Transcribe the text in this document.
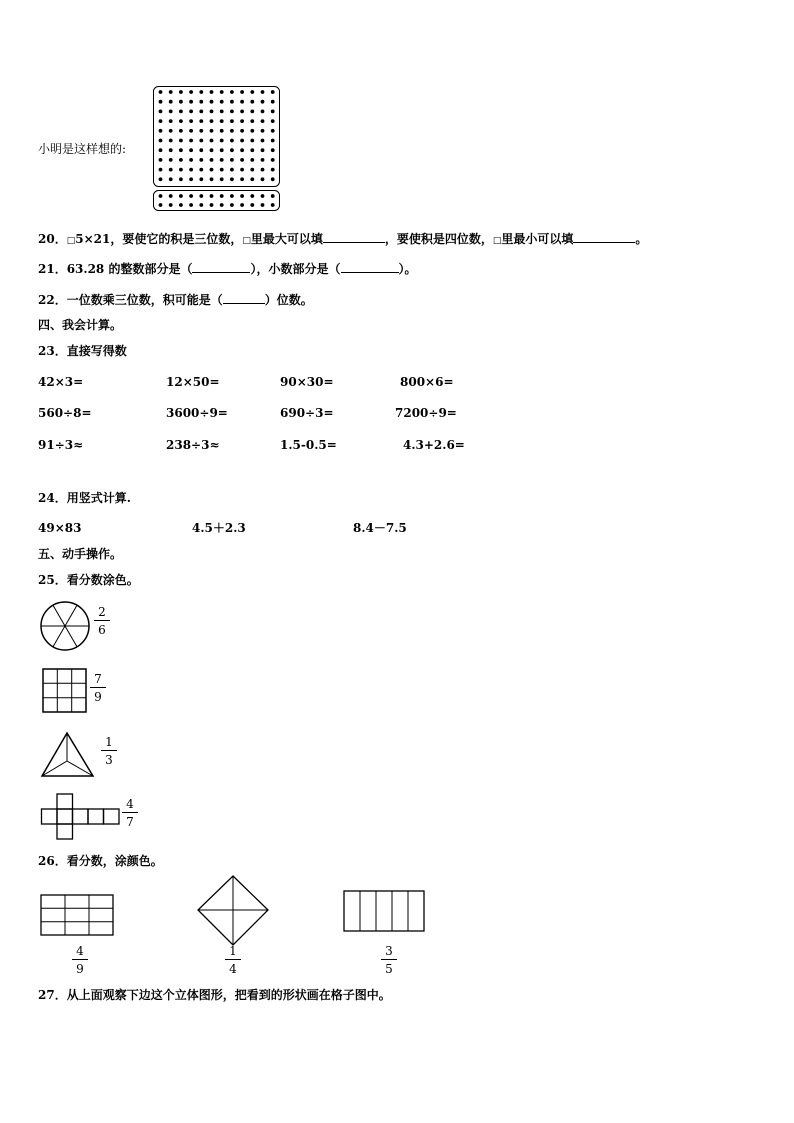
小明是这样想的:
20．□5×21，要使它的积是三位数，□里最大可以填	，要使积是四位数，□里最小可以填	。
21．63.28 的整数部分是（	），小数部分是（	）。
22．一位数乘三位数，积可能是（	）位数。
四、我会计算。
23．直接写得数
42×3=	12×50=	90×30=	800×6=
560÷8=	3600÷9=	690÷3=	7200÷9=
91÷3≈	238÷3≈	1.5-0.5=	4.3+2.6=
24．用竖式计算.
49×83	4.5＋2.3	8.4－7.5
五、动手操作。
25．看分数涂色。
2
6
7
9
1
3
4
7
26．看分数，涂颜色。
4
9
1
4
3
5
27．从上面观察下边这个立体图形，把看到的形状画在格子图中。
